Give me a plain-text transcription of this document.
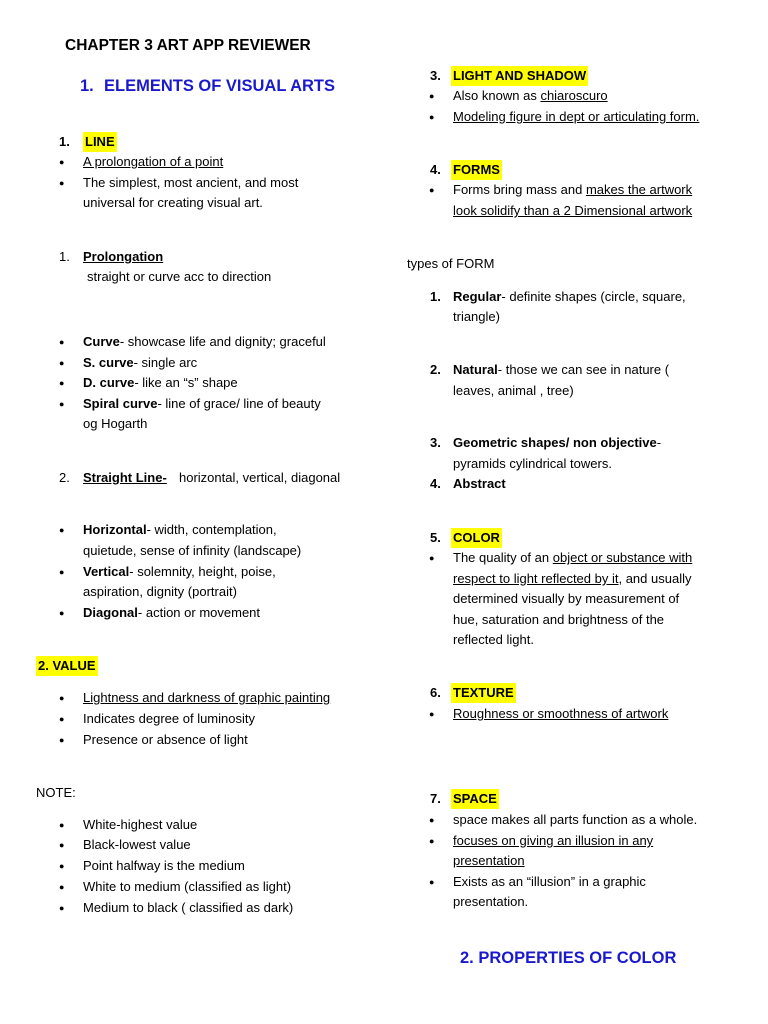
CHAPTER 3 ART APP REVIEWER
1. ELEMENTS OF VISUAL ARTS
1. LINE
● A prolongation of a point
● The simplest, most ancient, and most
universal for creating visual art.
1. Prolongation
straight or curve acc to direction
● Curve- showcase life and dignity; graceful
● S. curve- single arc
● D. curve- like an “s” shape
● Spiral curve- line of grace/ line of beauty
og Hogarth
2. Straight Line- horizontal, vertical, diagonal
● Horizontal- width, contemplation,
quietude, sense of infinity (landscape)
● Vertical- solemnity, height, poise,
aspiration, dignity (portrait)
● Diagonal- action or movement
2. VALUE
● Lightness and darkness of graphic painting
● Indicates degree of luminosity
● Presence or absence of light
NOTE:
● White-highest value
● Black-lowest value
● Point halfway is the medium
● White to medium (classified as light)
● Medium to black ( classified as dark)
3. LIGHT AND SHADOW
● Also known as chiaroscuro
● Modeling figure in dept or articulating form.
4. FORMS
● Forms bring mass and makes the artwork
look solidify than a 2 Dimensional artwork
types of FORM
1. Regular- definite shapes (circle, square,
triangle)
2. Natural- those we can see in nature (
leaves, animal , tree)
3. Geometric shapes/ non objective-
pyramids cylindrical towers.
4. Abstract
5. COLOR
● The quality of an object or substance with
respect to light reflected by it, and usually
determined visually by measurement of
hue, saturation and brightness of the
reflected light.
6. TEXTURE
● Roughness or smoothness of artwork
7. SPACE
● space makes all parts function as a whole.
● focuses on giving an illusion in any
presentation
● Exists as an “illusion” in a graphic
presentation.
2. PROPERTIES OF COLOR
